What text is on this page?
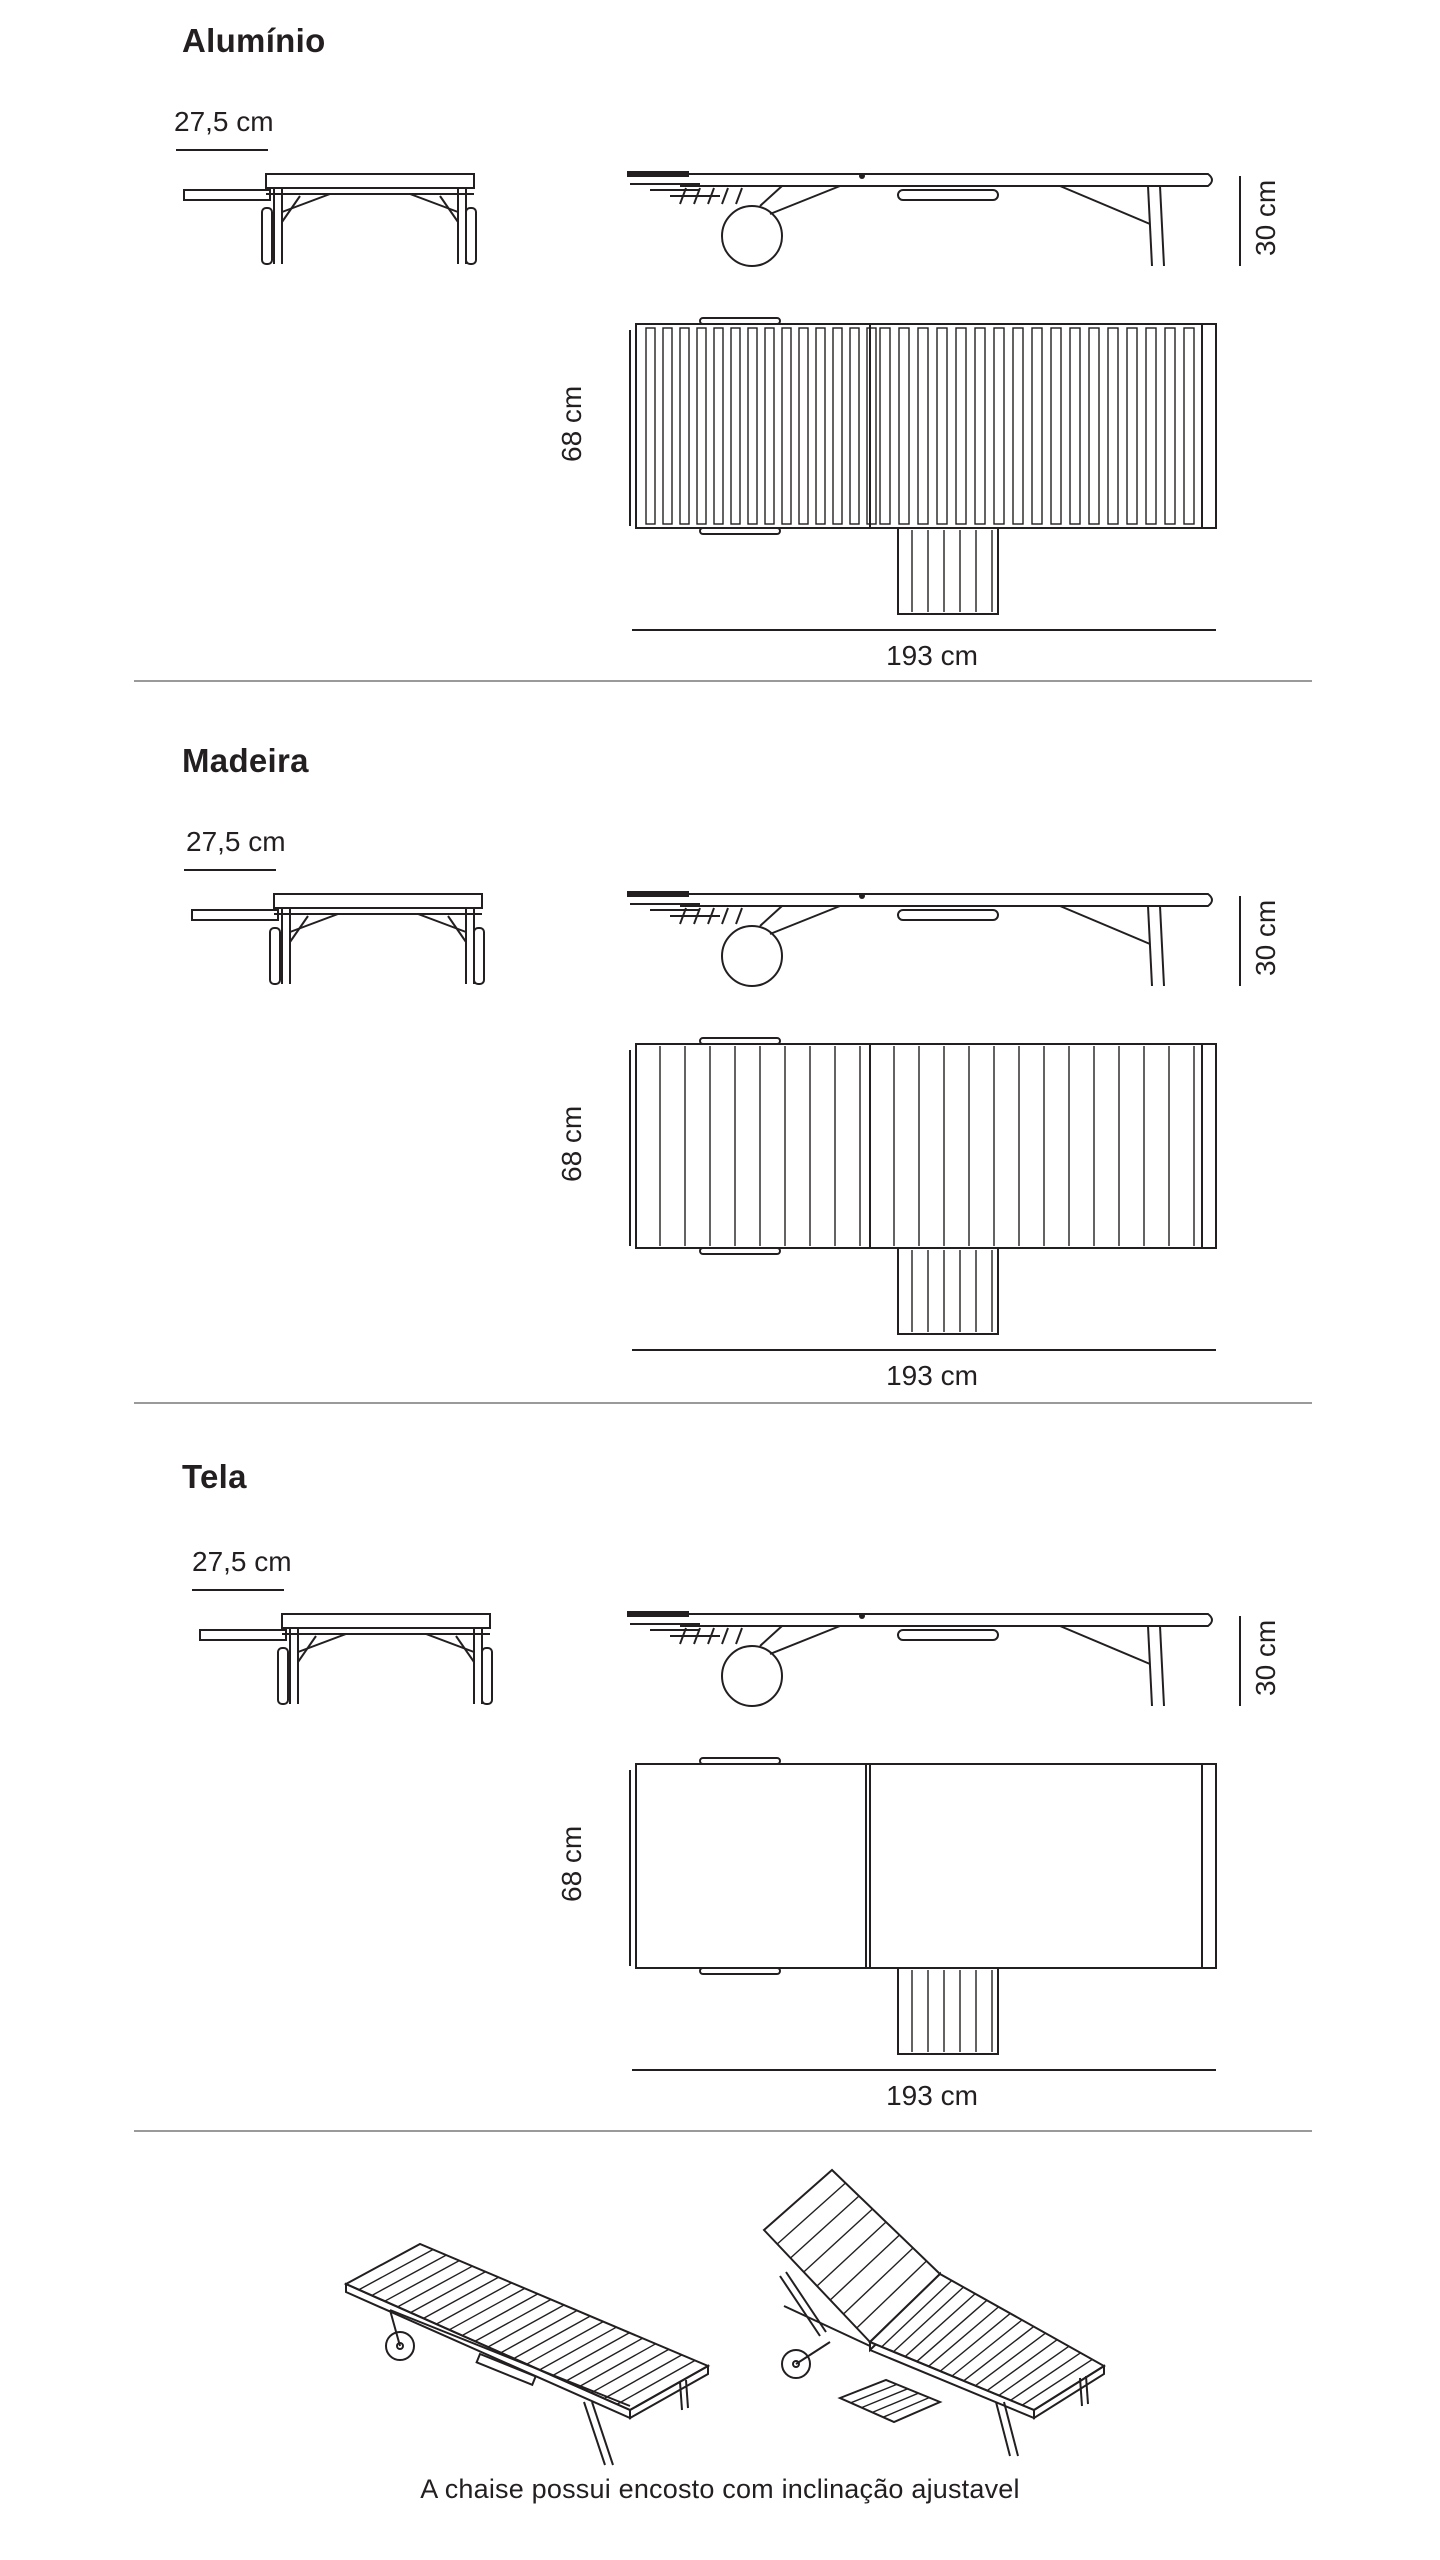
Alumínio
27,5 cm
30 cm
68 cm
193 cm
Madeira
27,5 cm
30 cm
68 cm
193 cm
Tela
27,5 cm
30 cm
68 cm
193 cm
A chaise possui encosto com inclinação ajustavel
